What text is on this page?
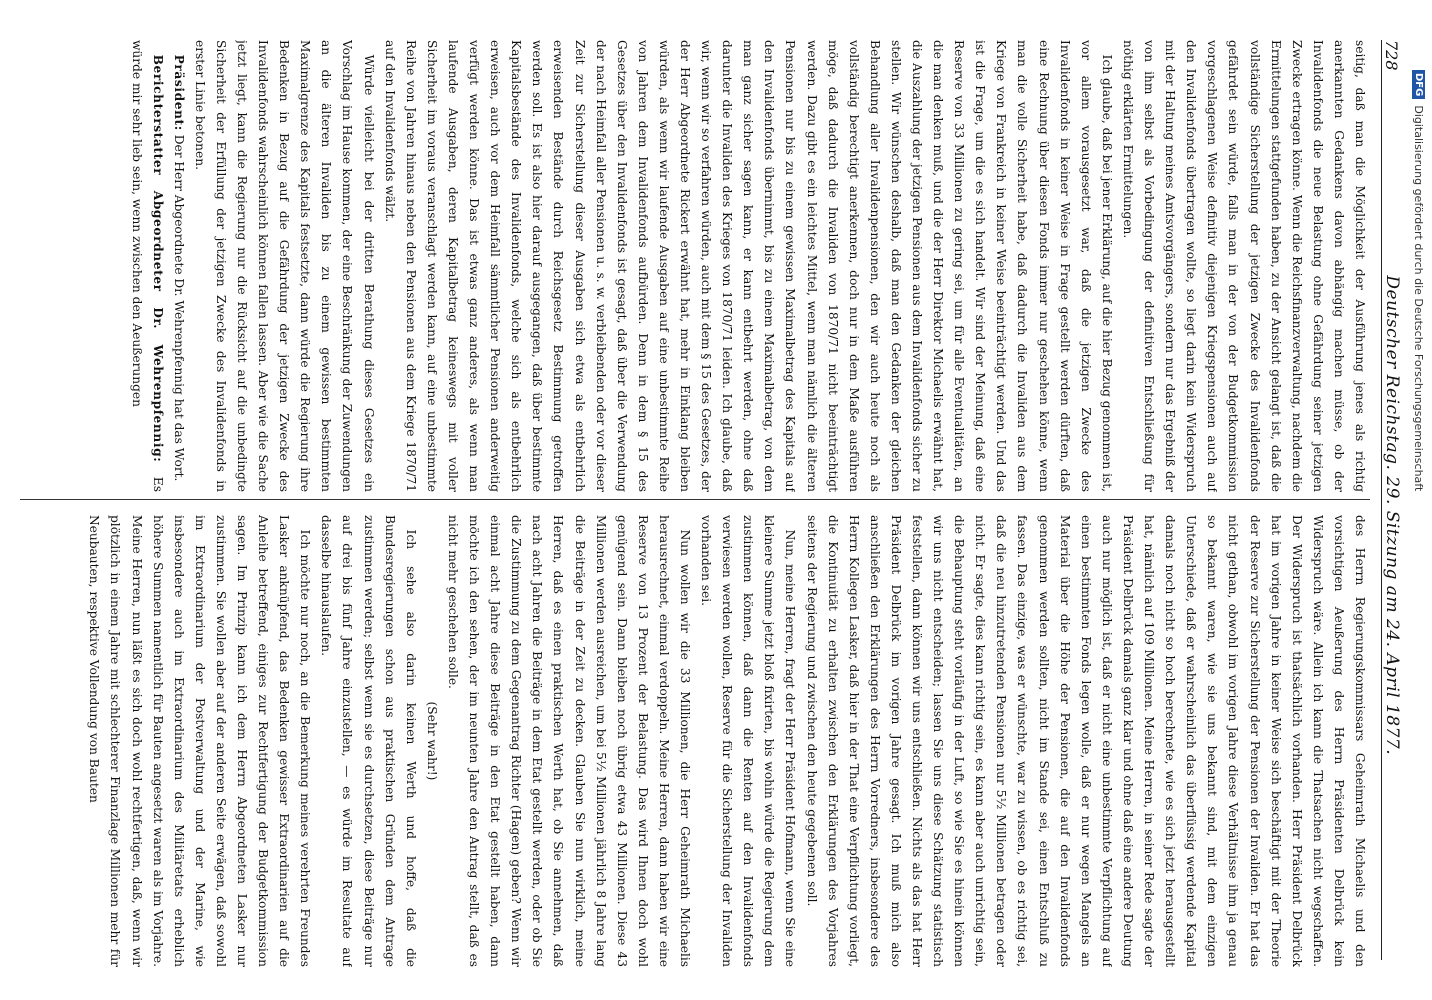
728
Deutscher Reichstag. 29. Sitzung am 24. April 1877.

seitig, daß man die Möglichkeit der Ausführung jenes als richtig anerkannten Gedankens davon abhängig machen müsse, ob der Invalidenfonds die neue Belastung ohne Gefährdung seiner jetzigen Zwecke ertragen könne. Wenn die Reichsfinanzverwaltung, nachdem die Ermittelungen stattgefunden haben, zu der Ansicht gelangt ist, daß die vollständige Sicherstellung der jetzigen Zwecke des Invalidenfonds gefährdet sein würde, falls man in der von der Budgetkommission vorgeschlagenen Weise definitiv diejenigen Kriegspensionen auch auf den Invalidenfonds übertragen wollte, so liegt darin kein Widerspruch mit der Haltung meines Amtsvorgängers, sondern nur das Ergebniß der von ihm selbst als Vorbedingung der definitiven Entschließung für nöthig erklärten Ermittelungen.

Ich glaube, daß bei jener Erklärung, auf die hier Bezug genommen ist, vor allem vorausgesetzt war, daß die jetzigen Zwecke des Invalidenfonds in keiner Weise in Frage gestellt werden dürften, daß eine Rechnung über diesen Fonds immer nur geschehen könne, wenn man die volle Sicherheit habe, daß dadurch die Invaliden aus dem Kriege von Frankreich in keiner Weise beeinträchtigt werden. Und das ist die Frage, um die es sich handelt. Wir sind der Meinung, daß eine Reserve von 33 Millionen zu gering sei, um für alle Eventualitäten, an die man denken muß, und die der Herr Direktor Michaelis erwähnt hat, die Auszahlung der jetzigen Pensionen aus dem Invalidenfonds sicher zu stellen. Wir wünschen deshalb, daß man den Gedanken der gleichen Behandlung aller Invalidenpensionen, den wir auch heute noch als vollständig berechtigt anerkennen, doch nur in dem Maße ausführen möge, daß dadurch die Invaliden von 1870/71 nicht beeinträchtigt werden. Dazu gibt es ein leichtes Mittel, wenn man nämlich die älteren Pensionen nur bis zu einem gewissen Maximalbetrag des Kapitals auf den Invalidenfonds übernimmt, bis zu einem Maximalbetrag, von dem man ganz sicher sagen kann, er kann entbehrt werden, ohne daß darunter die Invaliden des Krieges von 1870/71 leiden. Ich glaube, daß wir, wenn wir so verfahren würden, auch mit dem § 15 des Gesetzes, der der Herr Abgeordnete Rickert erwähnt hat, mehr in Einklang bleiben würden, als wenn wir laufende Ausgaben auf eine unbestimmte Reihe von Jahren dem Invalidenfonds aufbürden. Denn in dem § 15 des Gesetzes über den Invalidenfonds ist gesagt, daß über die Verwendung der nach Heimfall aller Pensionen u. s. w. verbleibenden oder vor dieser Zeit zur Sicherstellung dieser Ausgaben sich etwa als entbehrlich erweisenden Bestände durch Reichsgesetz Bestimmung getroffen werden soll. Es ist also hier darauf ausgegangen, daß über bestimmte Kapitalsbestände des Invalidenfonds, welche sich als entbehrlich erweisen, auch vor dem Heimfall sämmtlicher Pensionen anderweitig verfügt werden könne. Das ist etwas ganz anderes, als wenn man laufende Ausgaben, deren Kapitalbetrag keineswegs mit voller Sicherheit im voraus veranschlagt werden kann, auf eine unbestimmte Reihe von Jahren hinaus neben den Pensionen aus dem Kriege 1870/71 auf den Invalidenfonds wälzt.

Würde vielleicht bei der dritten Berathung dieses Gesetzes ein Vorschlag im Hause kommen, der eine Beschränkung der Zuwendungen an die älteren Invaliden bis zu einem gewissen bestimmten Maximalgrenze des Kapitals festsetzte, dann würde die Regierung ihre Bedenken in Bezug auf die Gefährdung der jetzigen Zwecke des Invalidenfonds wahrscheinlich können fallen lassen. Aber wie die Sache jetzt liegt, kann die Regierung nur die Rücksicht auf die unbedingte Sicherheit der Erfüllung der jetzigen Zwecke des Invalidenfonds in erster Linie betonen.

Präsident: Der Herr Abgeordnete Dr. Wehrenpfennig hat das Wort.

Berichterstatter Abgeordneter Dr. Wehrenpfennig: Es würde mir sehr lieb sein, wenn zwischen den Aeußerungen

des Herrn Regierungskommissars Geheimrath Michaelis und den vorsichtigen Aeußerung des Herrn Präsidenten Delbrück kein Widerspruch wäre. Allein ich kann die Thatsachen nicht wegschaffen. Der Widerspruch ist thatsächlich vorhanden. Herr Präsident Delbrück hat im vorigen Jahre in keiner Weise sich beschäftigt mit der Theorie der Reserve zur Sicherstellung der Pensionen der Invaliden. Er hat das nicht gethan, obwohl im vorigen Jahre diese Verhältnisse ihm ja genau so bekannt waren, wie sie uns bekannt sind, mit dem einzigen Unterschiede, daß er wahrscheinlich das überflüssig werdende Kapital damals noch nicht so hoch berechnete, wie es sich jetzt herausgestellt hat, nämlich auf 109 Millionen. Meine Herren, in seiner Rede sagte der Präsident Delbrück damals ganz klar und ohne daß eine andere Deutung auch nur möglich ist, daß er nicht eine unbestimmte Verpflichtung auf einen bestimmten Fonds legen wolle, daß er nur wegen Mangels an Material über die Höhe der Pensionen, die auf den Invalidenfonds genommen werden sollten, nicht im Stande sei, einen Entschluß zu fassen. Das einzige, was er wünschte, war zu wissen, ob es richtig sei, daß die neu hinzutretenden Pensionen nur 5½ Millionen betragen oder nicht. Er sagte, dies kann richtig sein, es kann aber auch unrichtig sein, die Behauptung steht vorläufig in der Luft, so wie Sie es hinein können wir uns nicht entscheiden; lassen Sie uns diese Schätzung statistisch feststellen, dann können wir uns entschließen. Nichts als das hat Herr Präsident Delbrück im vorigen Jahre gesagt. Ich muß mich also anschließen den Erklärungen des Herrn Vorredners, insbesondere des Herrn Kollegen Lasker, daß hier in der That eine Verpflichtung vorliegt, die Kontinuität zu erhalten zwischen den Erklärungen des Vorjahres seitens der Regierung und zwischen den heute gegebenen soll.

Nun, meine Herren, fragt der Herr Präsident Hofmann, wenn Sie eine kleinere Summe jetzt bloß fixirten, bis wohin würde die Regierung dem zustimmen können, daß dann die Renten auf den Invalidenfonds verwiesen werden wollen, Reserve für die Sicherstellung der Invaliden vorhanden sei.

Nun wollen wir die 33 Millionen, die Herr Geheimrath Michaelis herausrechnet, einmal verdoppeln. Meine Herren, dann haben wir eine Reserve von 13 Prozent der Belastung. Das wird Ihnen doch wohl genügend sein. Dann bleiben noch übrig etwa 43 Millionen. Diese 43 Millionen werden ausreichen, um bei 5½ Millionen jährlich 8 Jahre lang die Beiträge in der Zeit zu decken. Glauben Sie nun wirklich, meine Herren, daß es einen praktischen Werth hat, ob Sie annehmen, daß nach acht Jahren die Beiträge in dem Etat gestellt werden, oder ob Sie die Zustimmung zu dem Gegenantrag Richter (Hagen) geben? Wenn wir einmal acht Jahre diese Beiträge in den Etat gestellt haben, dann möchte ich den sehen, der im neunten Jahre den Antrag stellt, daß es nicht mehr geschehen solle.

(Sehr wahr!)

Ich sehe also darin keinen Werth und hoffe, daß die Bundesregierungen schon aus praktischen Gründen dem Antrage zustimmen werden; selbst wenn sie es durchsetzen, diese Beiträge nur auf drei bis fünf Jahre einzustellen, — es würde im Resultate auf dasselbe hinauslaufen.

Ich möchte nur noch, an die Bemerkung meines verehrten Freundes Lasker anknüpfend, das Bedenken gewisser Extraordinarien auf die Anleihe betreffend, einiges zur Rechtfertigung der Budgetkommission sagen. Im Prinzip kann ich dem Herrn Abgeordneten Lasker nur zustimmen. Sie wollen aber auf der anderen Seite erwägen, daß sowohl im Extraordinarium der Postverwaltung und der Marine, wie insbesondere auch im Extraordinarium des Militäretats erheblich höhere Summen namentlich für Bauten angesetzt waren als im Vorjahre. Meine Herren, nun läßt es sich doch wohl rechtfertigen, daß, wenn wir plötzlich in einem Jahre mit schlechterer Finanzlage Millionen mehr für Neubauten, respektive Vollendung von Bauten

DFG
Digitalisierung gefördert durch die Deutsche Forschungsgemeinschaft
